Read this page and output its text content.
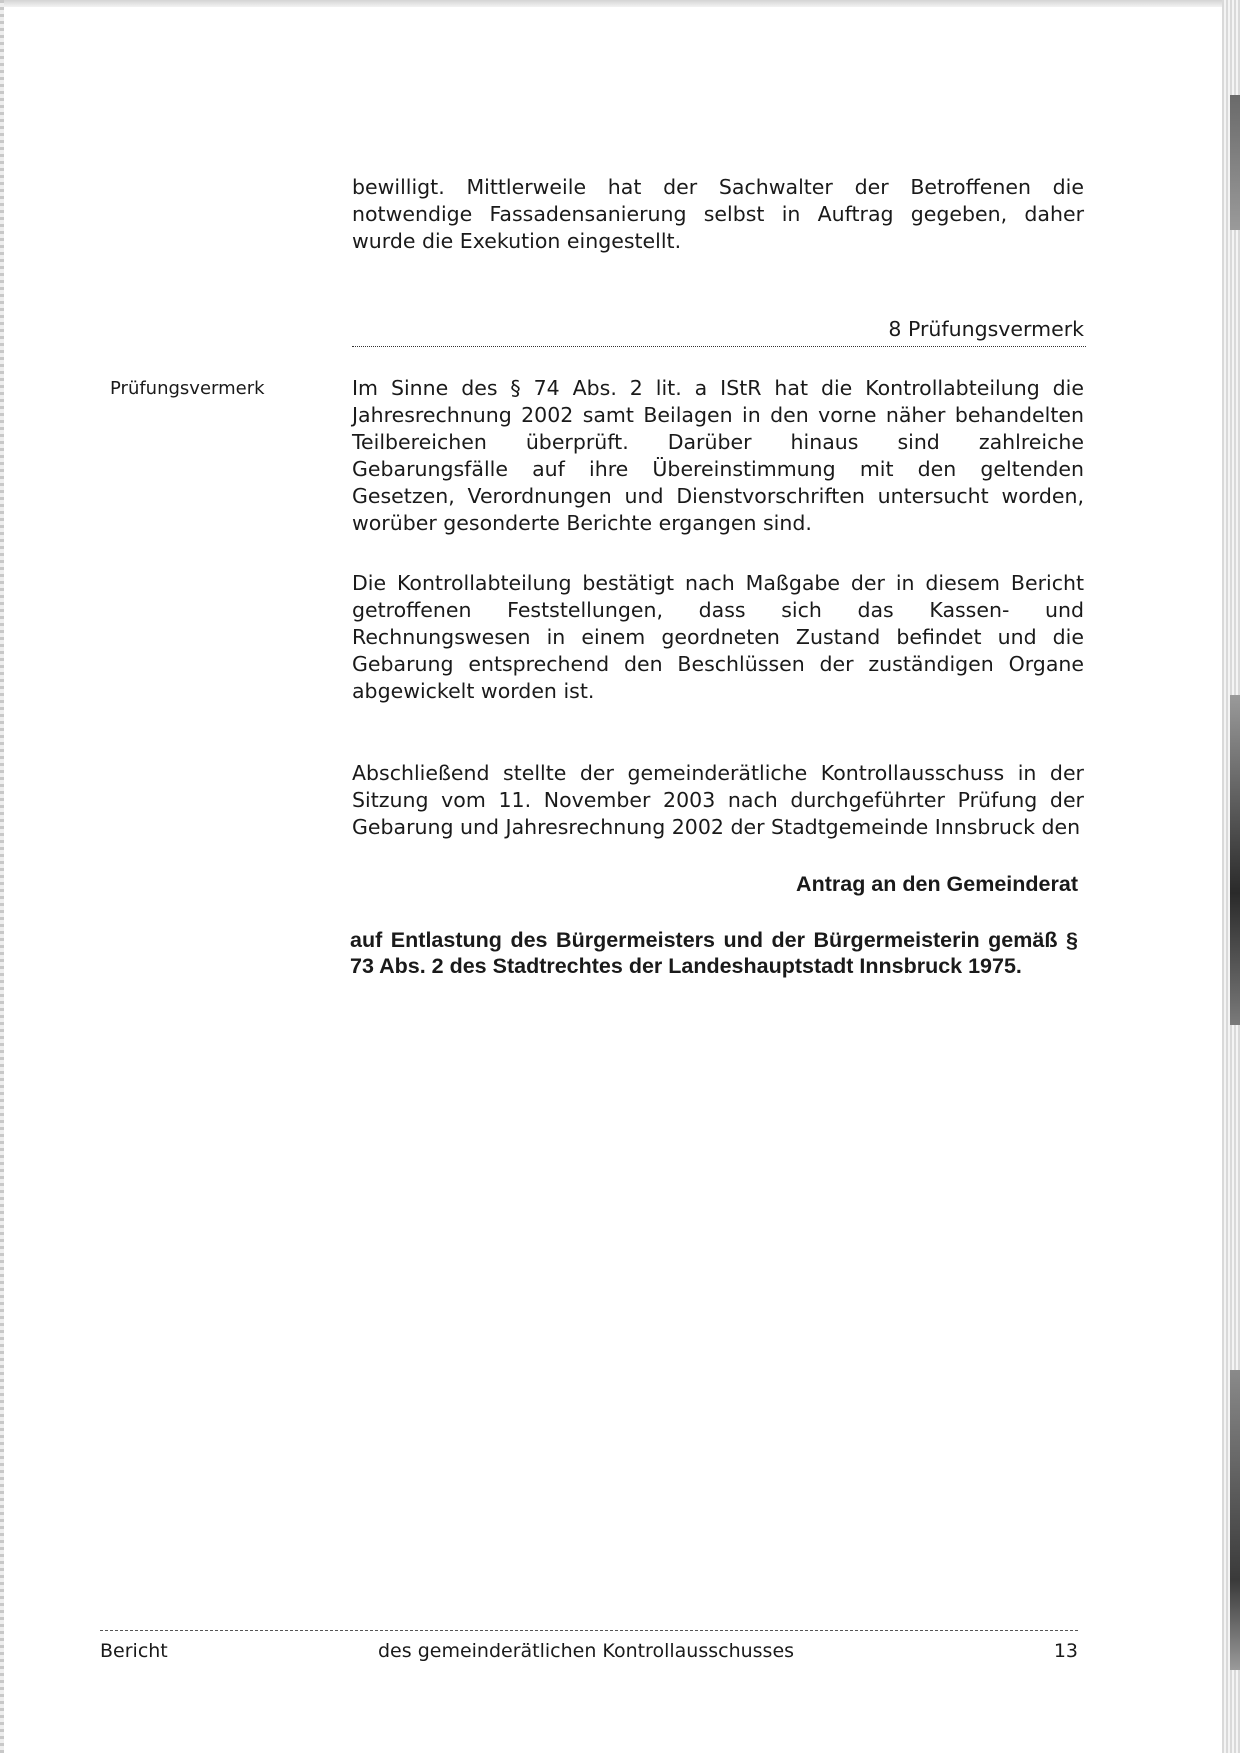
bewilligt. Mittlerweile hat der Sachwalter der Betroffenen die notwendige Fassadensanierung selbst in Auftrag gegeben, daher wurde die Exekution eingestellt.

8 Prüfungsvermerk

Prüfungsvermerk	Im Sinne des § 74 Abs. 2 lit. a IStR hat die Kontrollabteilung die Jahresrechnung 2002 samt Beilagen in den vorne näher behandelten Teilbereichen überprüft. Darüber hinaus sind zahlreiche Gebarungsfälle auf ihre Übereinstimmung mit den geltenden Gesetzen, Verordnungen und Dienstvorschriften untersucht worden, worüber gesonderte Berichte ergangen sind.

Die Kontrollabteilung bestätigt nach Maßgabe der in diesem Bericht getroffenen Feststellungen, dass sich das Kassen- und Rechnungswesen in einem geordneten Zustand befindet und die Gebarung entsprechend den Beschlüssen der zuständigen Organe abgewickelt worden ist.

Abschließend stellte der gemeinderätliche Kontrollausschuss in der Sitzung vom 11. November 2003 nach durchgeführter Prüfung der Gebarung und Jahresrechnung 2002 der Stadtgemeinde Innsbruck den

Antrag an den Gemeinderat

auf Entlastung des Bürgermeisters und der Bürgermeisterin gemäß § 73 Abs. 2 des Stadtrechtes der Landeshauptstadt Innsbruck 1975.

Bericht	des gemeinderätlichen Kontrollausschusses	13
